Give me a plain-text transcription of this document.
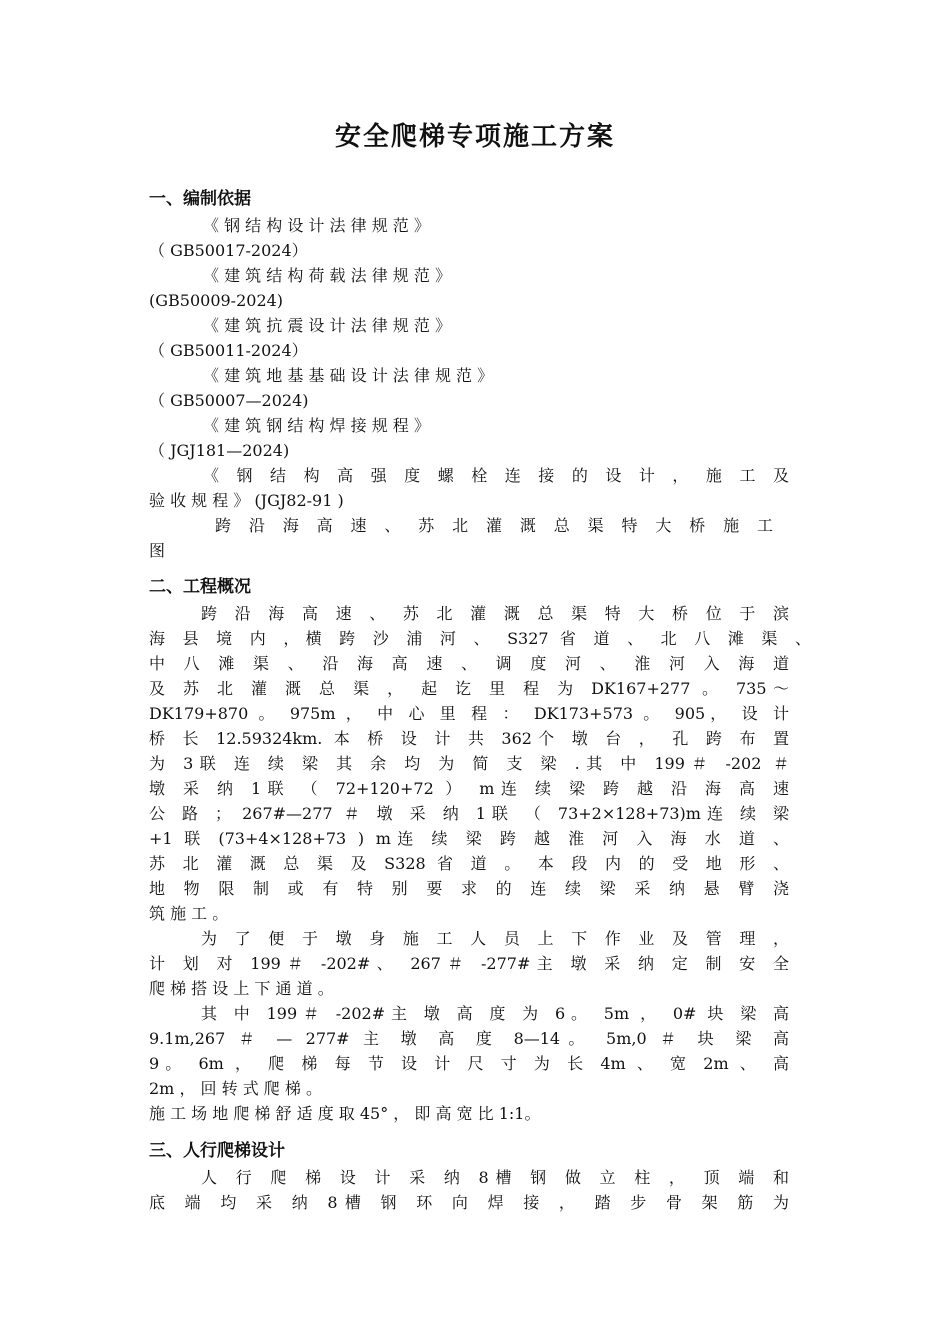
安全爬梯专项施工方案
一、编制依据
《 钢 结 构 设 计 法 律 规 范 》
（ GB50017-2024）
《 建 筑 结 构 荷 载 法 律 规 范 》
(GB50009-2024)
《 建 筑 抗 震 设 计 法 律 规 范 》
（ GB50011-2024）
《 建 筑 地 基 基 础 设 计 法 律 规 范 》
（ GB50007—2024)
《 建 筑 钢 结 构 焊 接 规 程 》
（ JGJ181—2024)
《 钢 结 构 高 强 度 螺 栓 连 接 的 设 计 ， 施 工 及
验 收 规 程 》 (JGJ82-91 )
跨 沿 海 高 速 、 苏 北 灌 溉 总 渠 特 大 桥 施 工
图
二、工程概况
跨 沿 海 高 速 、 苏 北 灌 溉 总 渠 特 大 桥 位 于 滨
海 县 境 内 ，横 跨 沙 浦 河 、 S327 省 道 、 北 八 滩 渠 、
中 八 滩 渠 、 沿 海 高 速 、 调 度 河 、 淮 河 入 海 道
及 苏 北 灌 溉 总 渠 ， 起 讫 里 程 为 DK167+277 。 735～
DK179+870 。 975m ， 中 心 里 程 ： DK173+573 。 905， 设 计
桥 长 12.59324km. 本 桥 设 计 共 362个 墩 台 ， 孔 跨 布 置
为 3联 连 续 梁 其 余 均 为 简 支 梁 .其 中 199＃ -202 ＃
墩 采 纳 1联 （ 72+120+72 ） m连 续 梁 跨 越 沿 海 高 速
公 路 ； 267#—277 ＃ 墩 采 纳 1联 （ 73+2×128+73)m连 续 梁
+1 联 (73+4×128+73 ) m连 续 梁 跨 越 淮 河 入 海 水 道 、
苏 北 灌 溉 总 渠 及 S328 省 道 。 本 段 内 的 受 地 形 、
地 物 限 制 或 有 特 别 要 求 的 连 续 梁 采 纳 悬 臂 浇
筑 施 工 。
为 了 便 于 墩 身 施 工 人 员 上 下 作 业 及 管 理 ，
计 划 对 199＃ -202#、 267＃ -277#主 墩 采 纳 定 制 安 全
爬 梯 搭 设 上 下 通 道 。
其 中 199＃ -202#主 墩 高 度 为 6。 5m ， 0# 块 梁 高
9.1m,267 ＃ — 277# 主 墩 高 度 8—14。 5m,0 ＃ 块 梁 高
9。 6m ， 爬 梯 每 节 设 计 尺 寸 为 长 4m 、 宽 2m 、 高
2m ， 回 转 式 爬 梯 。
施 工 场 地 爬 梯 舒 适 度 取 45° ， 即 高 宽 比 1:1。
三、人行爬梯设计
人 行 爬 梯 设 计 采 纳 8槽 钢 做 立 柱 ， 顶 端 和
底 端 均 采 纳 8槽 钢 环 向 焊 接 ， 踏 步 骨 架 筋 为
